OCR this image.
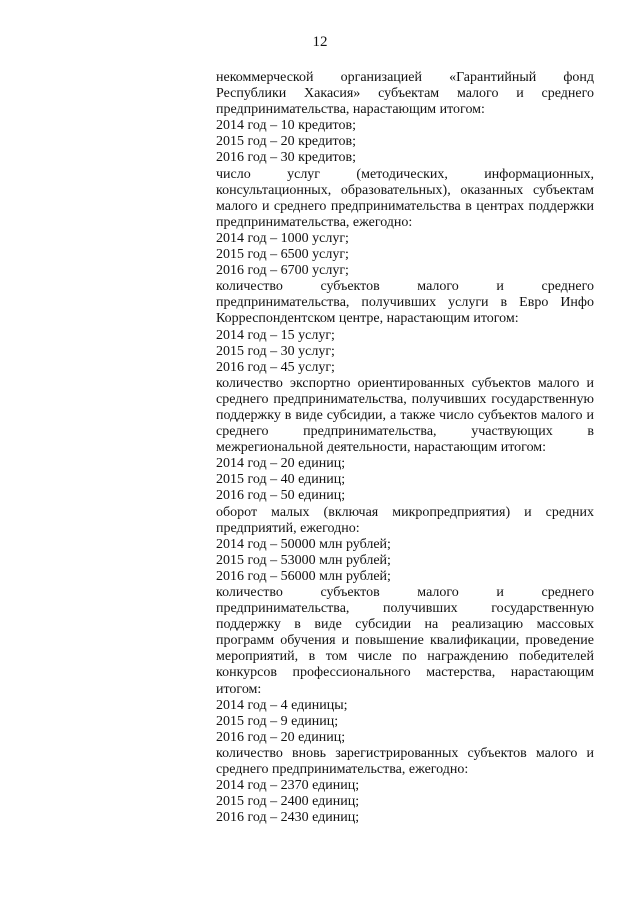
12
некоммерческой организацией «Гарантийный фонд
Республики Хакасия» субъектам малого и среднего
предпринимательства, нарастающим итогом:
2014 год – 10 кредитов;
2015 год – 20 кредитов;
2016 год – 30 кредитов;
число услуг (методических, информационных,
консультационных, образовательных), оказанных субъектам
малого и среднего предпринимательства в центрах поддержки
предпринимательства, ежегодно:
2014 год – 1000 услуг;
2015 год – 6500 услуг;
2016 год – 6700 услуг;
количество субъектов малого и среднего
предпринимательства, получивших услуги в Евро Инфо
Корреспондентском центре, нарастающим итогом:
2014 год – 15 услуг;
2015 год – 30 услуг;
2016 год – 45 услуг;
количество экспортно ориентированных субъектов малого и
среднего предпринимательства, получивших государственную
поддержку в виде субсидии, а также число субъектов малого и
среднего предпринимательства, участвующих в
межрегиональной деятельности, нарастающим итогом:
2014 год – 20 единиц;
2015 год – 40 единиц;
2016 год – 50 единиц;
оборот малых (включая микропредприятия) и средних
предприятий, ежегодно:
2014 год – 50000 млн рублей;
2015 год – 53000 млн рублей;
2016 год – 56000 млн рублей;
количество субъектов малого и среднего
предпринимательства, получивших государственную
поддержку в виде субсидии на реализацию массовых
программ обучения и повышение квалификации, проведение
мероприятий, в том числе по награждению победителей
конкурсов профессионального мастерства, нарастающим
итогом:
2014 год – 4 единицы;
2015 год – 9 единиц;
2016 год – 20 единиц;
количество вновь зарегистрированных субъектов малого и
среднего предпринимательства, ежегодно:
2014 год – 2370 единиц;
2015 год – 2400 единиц;
2016 год – 2430 единиц;
